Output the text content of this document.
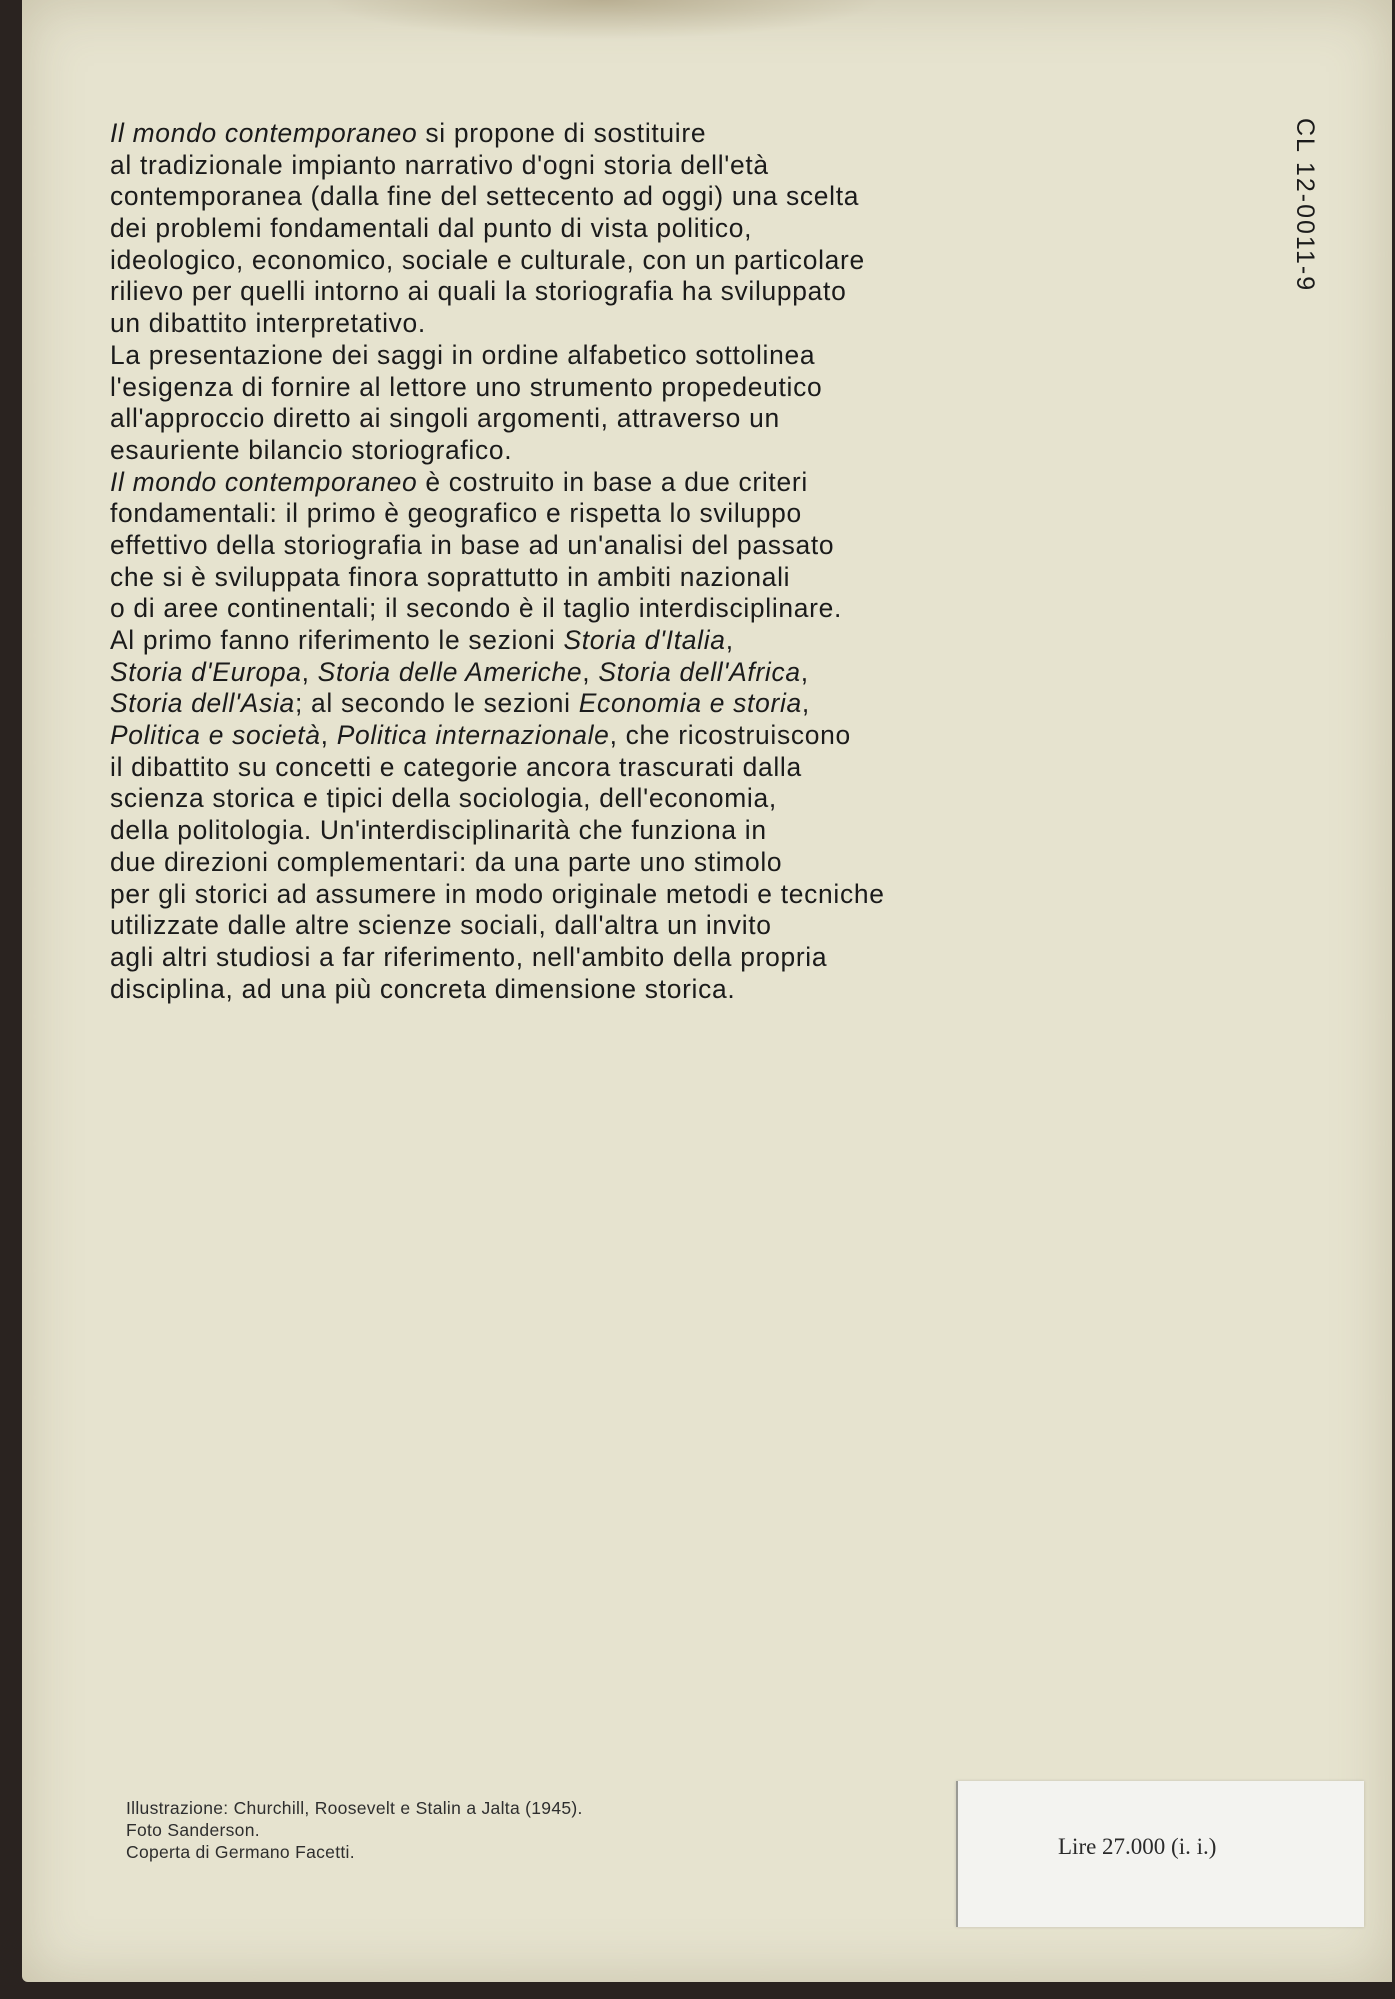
Il mondo contemporaneo si propone di sostituire
al tradizionale impianto narrativo d'ogni storia dell'età
contemporanea (dalla fine del settecento ad oggi) una scelta
dei problemi fondamentali dal punto di vista politico,
ideologico, economico, sociale e culturale, con un particolare
rilievo per quelli intorno ai quali la storiografia ha sviluppato
un dibattito interpretativo.
La presentazione dei saggi in ordine alfabetico sottolinea
l'esigenza di fornire al lettore uno strumento propedeutico
all'approccio diretto ai singoli argomenti, attraverso un
esauriente bilancio storiografico.
Il mondo contemporaneo è costruito in base a due criteri
fondamentali: il primo è geografico e rispetta lo sviluppo
effettivo della storiografia in base ad un'analisi del passato
che si è sviluppata finora soprattutto in ambiti nazionali
o di aree continentali; il secondo è il taglio interdisciplinare.
Al primo fanno riferimento le sezioni Storia d'Italia,
Storia d'Europa, Storia delle Americhe, Storia dell'Africa,
Storia dell'Asia; al secondo le sezioni Economia e storia,
Politica e società, Politica internazionale, che ricostruiscono
il dibattito su concetti e categorie ancora trascurati dalla
scienza storica e tipici della sociologia, dell'economia,
della politologia. Un'interdisciplinarità che funziona in
due direzioni complementari: da una parte uno stimolo
per gli storici ad assumere in modo originale metodi e tecniche
utilizzate dalle altre scienze sociali, dall'altra un invito
agli altri studiosi a far riferimento, nell'ambito della propria
disciplina, ad una più concreta dimensione storica.
CL 12-0011-9
Illustrazione: Churchill, Roosevelt e Stalin a Jalta (1945).
Foto Sanderson.
Coperta di Germano Facetti.	Lire 27.000 (i. i.)
